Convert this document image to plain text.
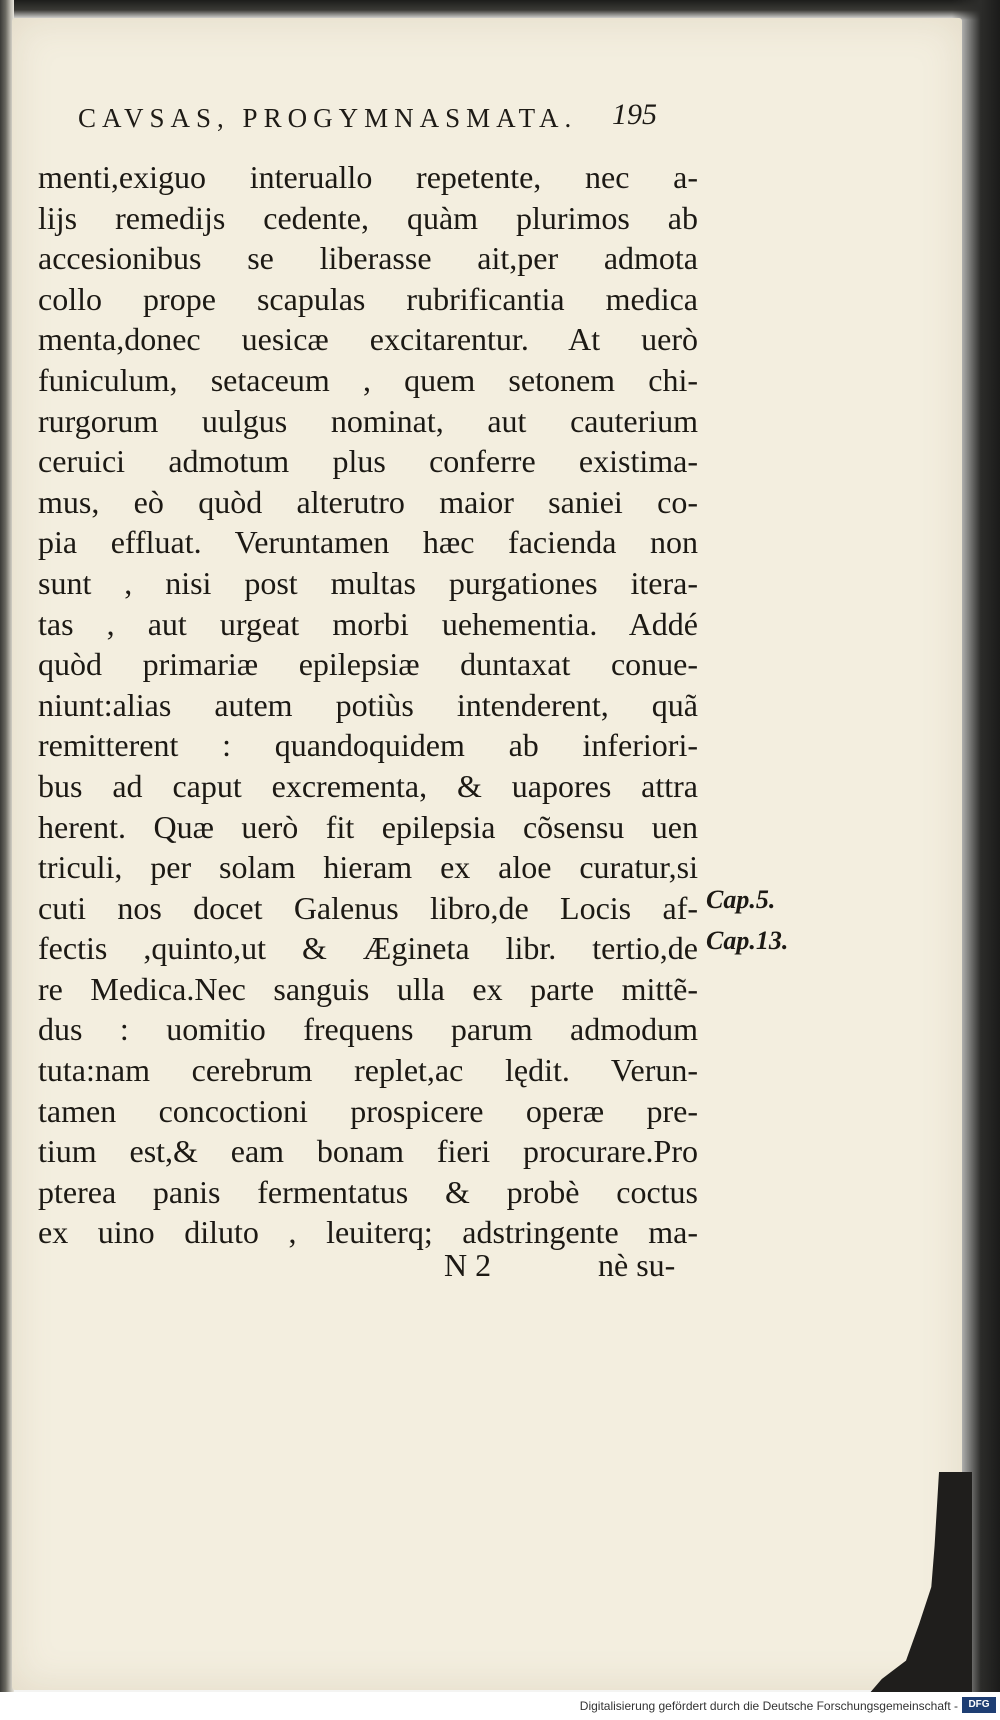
CAVSAS, PROGYMNASMATA.	195
menti,exiguo interuallo repetente, nec a-
lijs remedijs cedente, quàm plurimos ab
accesionibus se liberasse ait,per admota
collo prope scapulas rubrificantia medica
menta,donec uesicæ excitarentur. At uerò
funiculum, setaceum , quem setonem chi-
rurgorum uulgus nominat, aut cauterium
ceruici admotum plus conferre existima-
mus, eò quòd alterutro maior saniei co-
pia effluat. Veruntamen hæc facienda non
sunt , nisi post multas purgationes itera-
tas , aut urgeat morbi uehementia. Addé
quòd primariæ epilepsiæ duntaxat conue-
niunt:alias autem potiùs intenderent, quã
remitterent : quandoquidem ab inferiori-
bus ad caput excrementa, & uapores attra
herent. Quæ uerò fit epilepsia cõsensu uen
triculi, per solam hieram ex aloe curatur,si
cuti nos docet Galenus libro,de Locis af-
fectis ,quinto,ut & Ægineta libr. tertio,de
re Medica.Nec sanguis ulla ex parte mittẽ-
dus : uomitio frequens parum admodum
tuta:nam cerebrum replet,ac lędit. Verun-
tamen concoctioni prospicere operæ pre-
tium est,& eam bonam fieri procurare.Pro
pterea panis fermentatus & probè coctus
ex uino diluto , leuiterq; adstringente ma-
Cap.5.
Cap.13.
N 2	nè su-
Digitalisierung gefördert durch die Deutsche Forschungsgemeinschaft -	DFG
